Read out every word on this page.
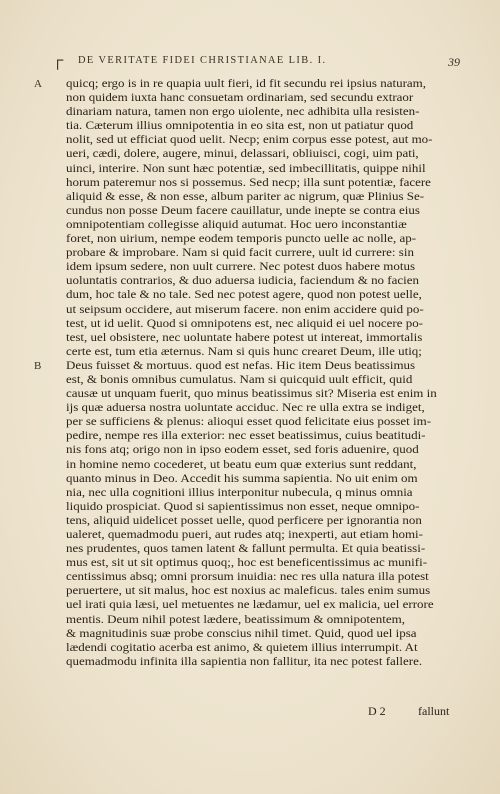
┌ DE VERITATE FIDEI CHRISTIANAE LIB. I.	39
A quicq; ergo is in re quapia uult fieri, id fit secundu rei ipsius naturam,
non quidem iuxta hanc consuetam ordinariam, sed secundu extraor
dinariam natura, tamen non ergo uiolente, nec adhibita ulla resisten-
tia. Cæterum illius omnipotentia in eo sita est, non ut patiatur quod
nolit, sed ut efficiat quod uelit. Necp; enim corpus esse potest, aut mo-
ueri, cædi, dolere, augere, minui, delassari, obliuisci, cogi, uim pati,
uinci, interire. Non sunt hæc potentiæ, sed imbecillitatis, quippe nihil
horum pateremur nos si possemus. Sed necp; illa sunt potentiæ, facere
aliquid & esse, & non esse, album pariter ac nigrum, quæ Plinius Se-
cundus non posse Deum facere cauillatur, unde inepte se contra eius
omnipotentiam collegisse aliquid autumat. Hoc uero inconstantiæ
foret, non uirium, nempe eodem temporis puncto uelle ac nolle, ap-
probare & improbare. Nam si quid facit currere, uult id currere: sin
idem ipsum sedere, non uult currere. Nec potest duos habere motus
uoluntatis contrarios, & duo aduersa iudicia, faciendum & no facien
dum, hoc tale & no tale. Sed nec potest agere, quod non potest uelle,
ut seipsum occidere, aut miserum facere. non enim accidere quid po-
test, ut id uelit. Quod si omnipotens est, nec aliquid ei uel nocere po-
test, uel obsistere, nec uoluntate habere potest ut intereat, immortalis
certe est, tum etia æternus. Nam si quis hunc crearet Deum, ille utiq;
B Deus fuisset & mortuus. quod est nefas. Hic item Deus beatissimus
est, & bonis omnibus cumulatus. Nam si quicquid uult efficit, quid
causæ ut unquam fuerit, quo minus beatissimus sit? Miseria est enim in
ijs quæ aduersa nostra uoluntate acciduc. Nec re ulla extra se indiget,
per se sufficiens & plenus: alioqui esset quod felicitate eius posset im-
pedire, nempe res illa exterior: nec esset beatissimus, cuius beatitudi-
nis fons atq; origo non in ipso eodem esset, sed foris aduenire, quod
in homine nemo cocederet, ut beatu eum quæ exterius sunt reddant,
quanto minus in Deo. Accedit his summa sapientia. No uit enim om
nia, nec ulla cognitioni illius interponitur nubecula, q minus omnia
liquido prospiciat. Quod si sapientissimus non esset, neque omnipo-
tens, aliquid uidelicet posset uelle, quod perficere per ignorantia non
ualeret, quemadmodu pueri, aut rudes atq; inexperti, aut etiam homi-
nes prudentes, quos tamen latent & fallunt permulta. Et quia beatissi-
mus est, sit ut sit optimus quoq;, hoc est beneficentissimus ac munifi-
centissimus absq; omni prorsum inuidia: nec res ulla natura illa potest
peruertere, ut sit malus, hoc est noxius ac maleficus. tales enim sumus
uel irati quia læsi, uel metuentes ne lædamur, uel ex malicia, uel errore
mentis. Deum nihil potest lædere, beatissimum & omnipotentem,
& magnitudinis suæ probe conscius nihil timet. Quid, quod uel ipsa
lædendi cogitatio acerba est animo, & quietem illius interrumpit. At
quemadmodu infinita illa sapientia non fallitur, ita nec potest fallere.
D 2	fallunt
